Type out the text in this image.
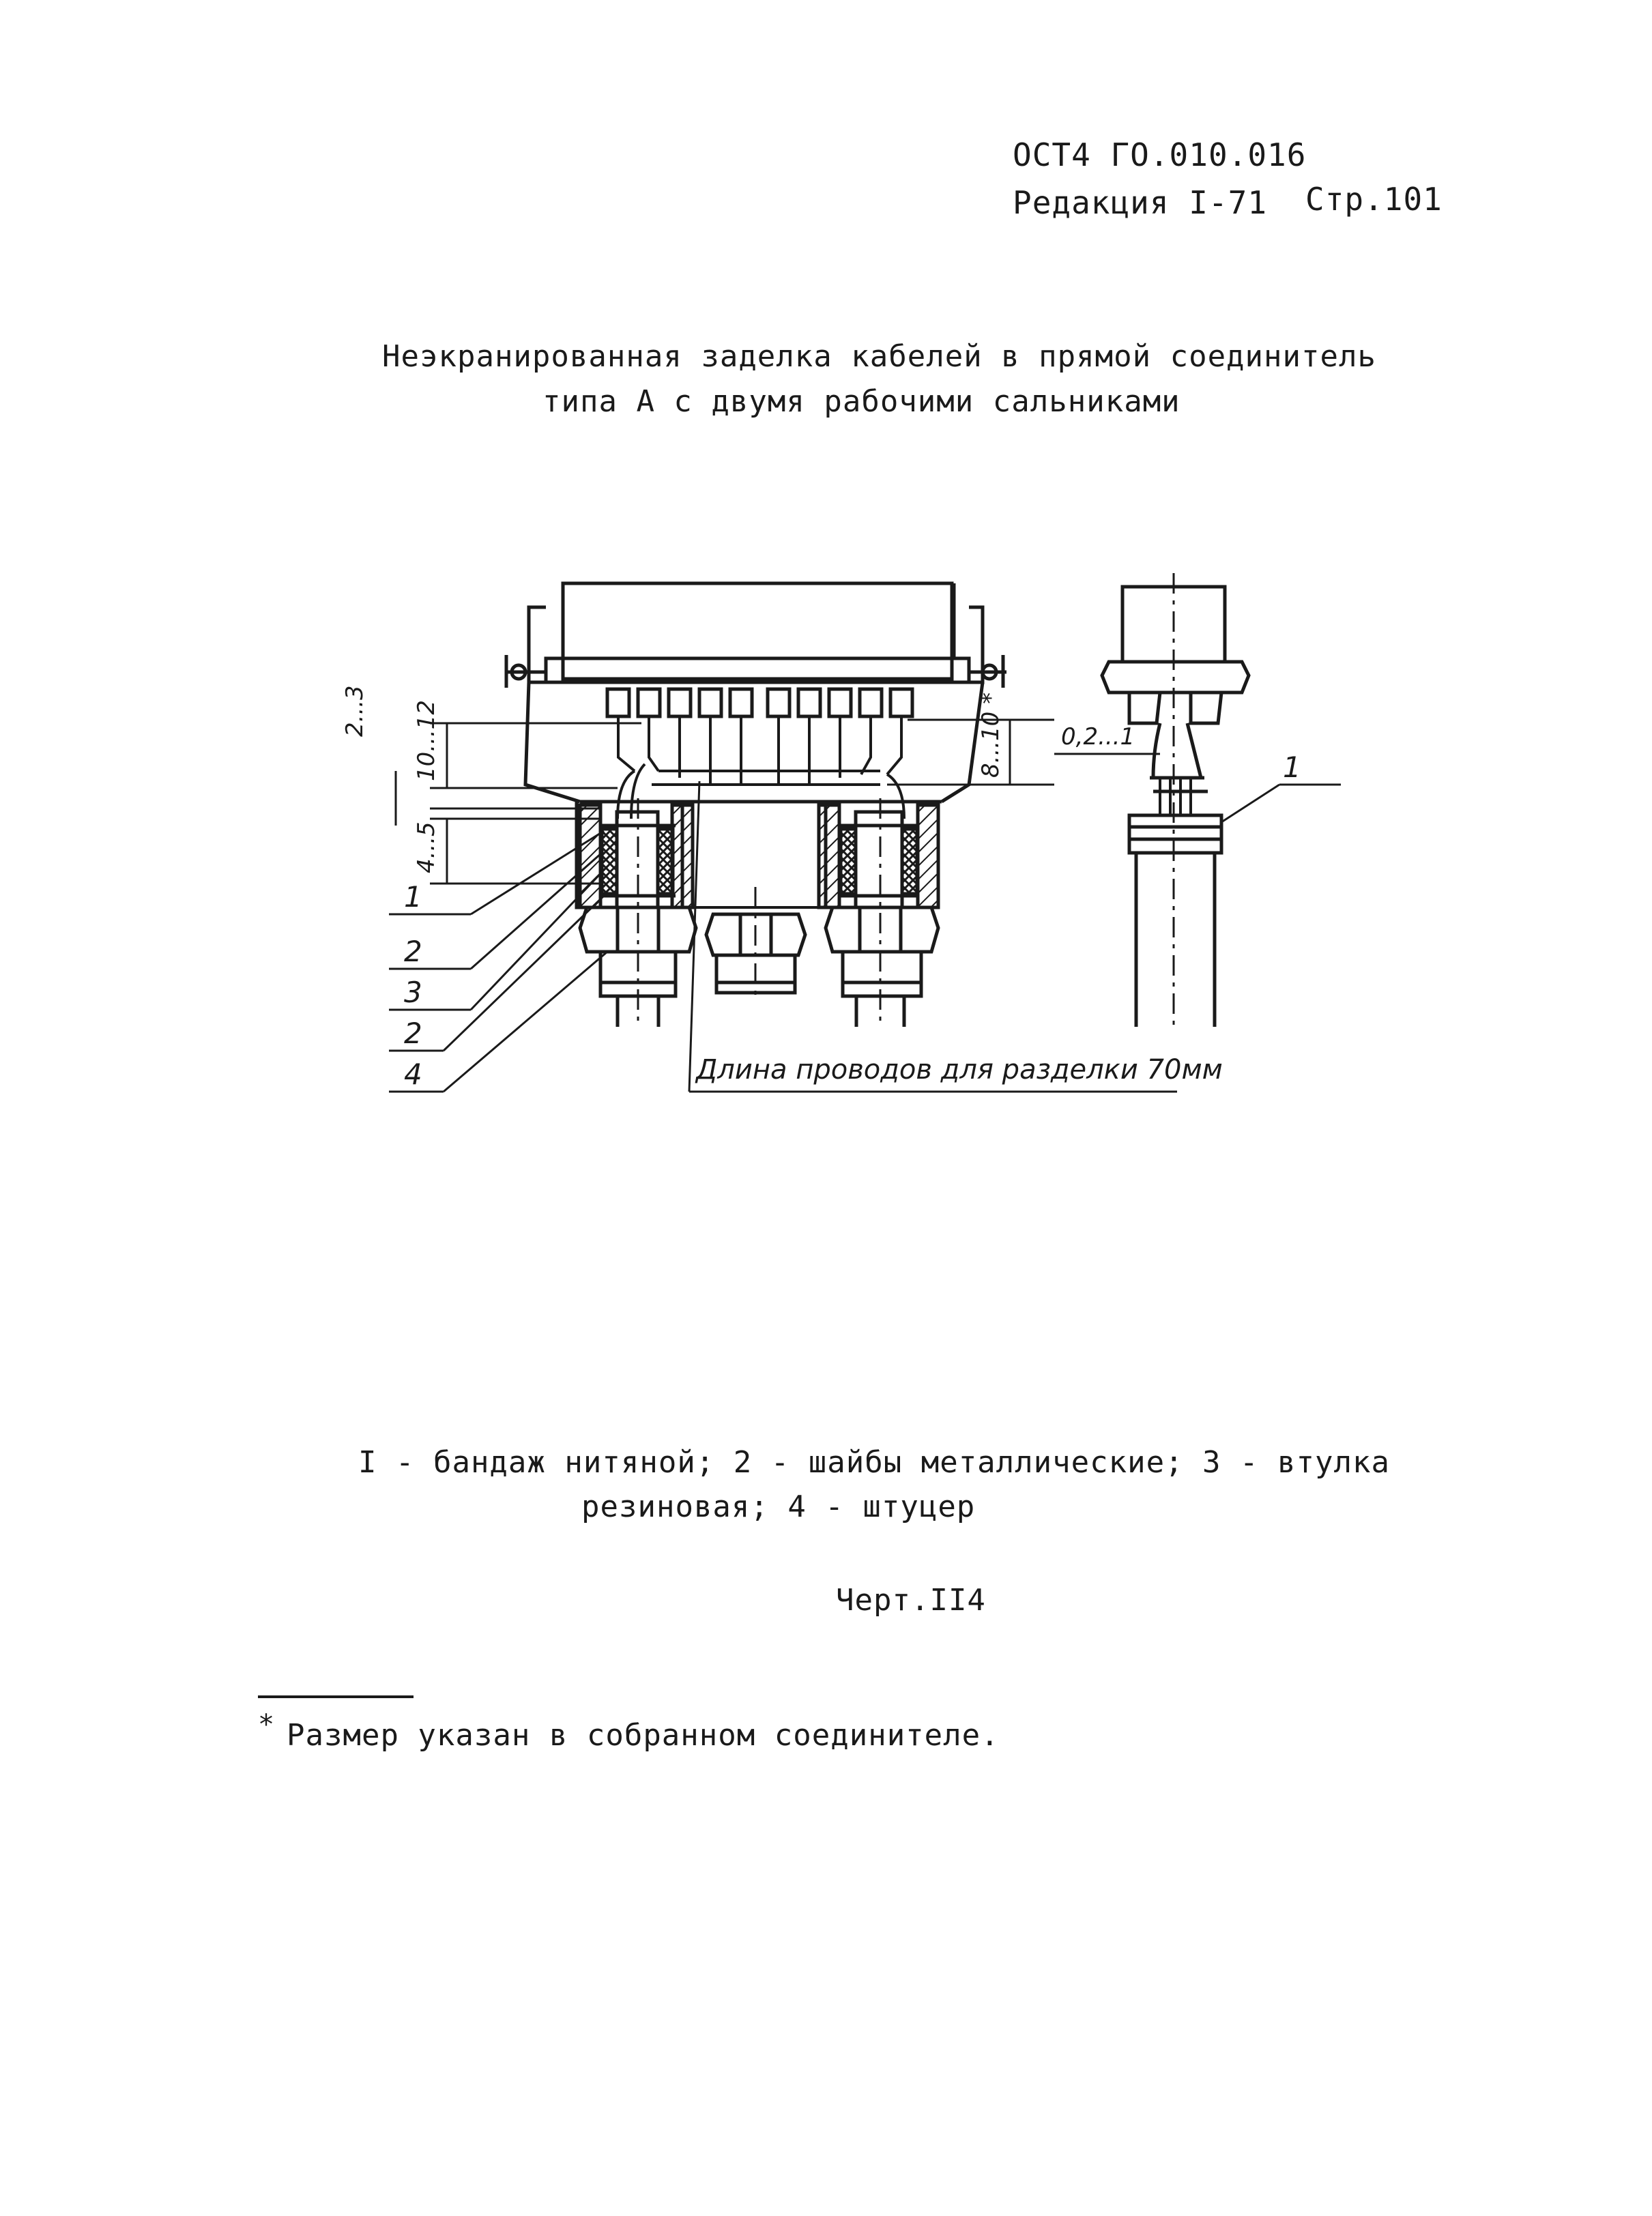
ОСТ4 ГО.010.016
Редакция I-71 Стр.101
Неэкранированная заделка кабелей в прямой соединитель
типа А с двумя рабочими сальниками
2...3 10...12
4...5
8...10 * 0,2...1
1
2
3
2
4
1
Длина проводов для разделки 70мм
I - бандаж нитяной; 2 - шайбы металлические; 3 - втулка
резиновая; 4 - штуцер
Черт.II4
* Размер указан в собранном соединителе.
